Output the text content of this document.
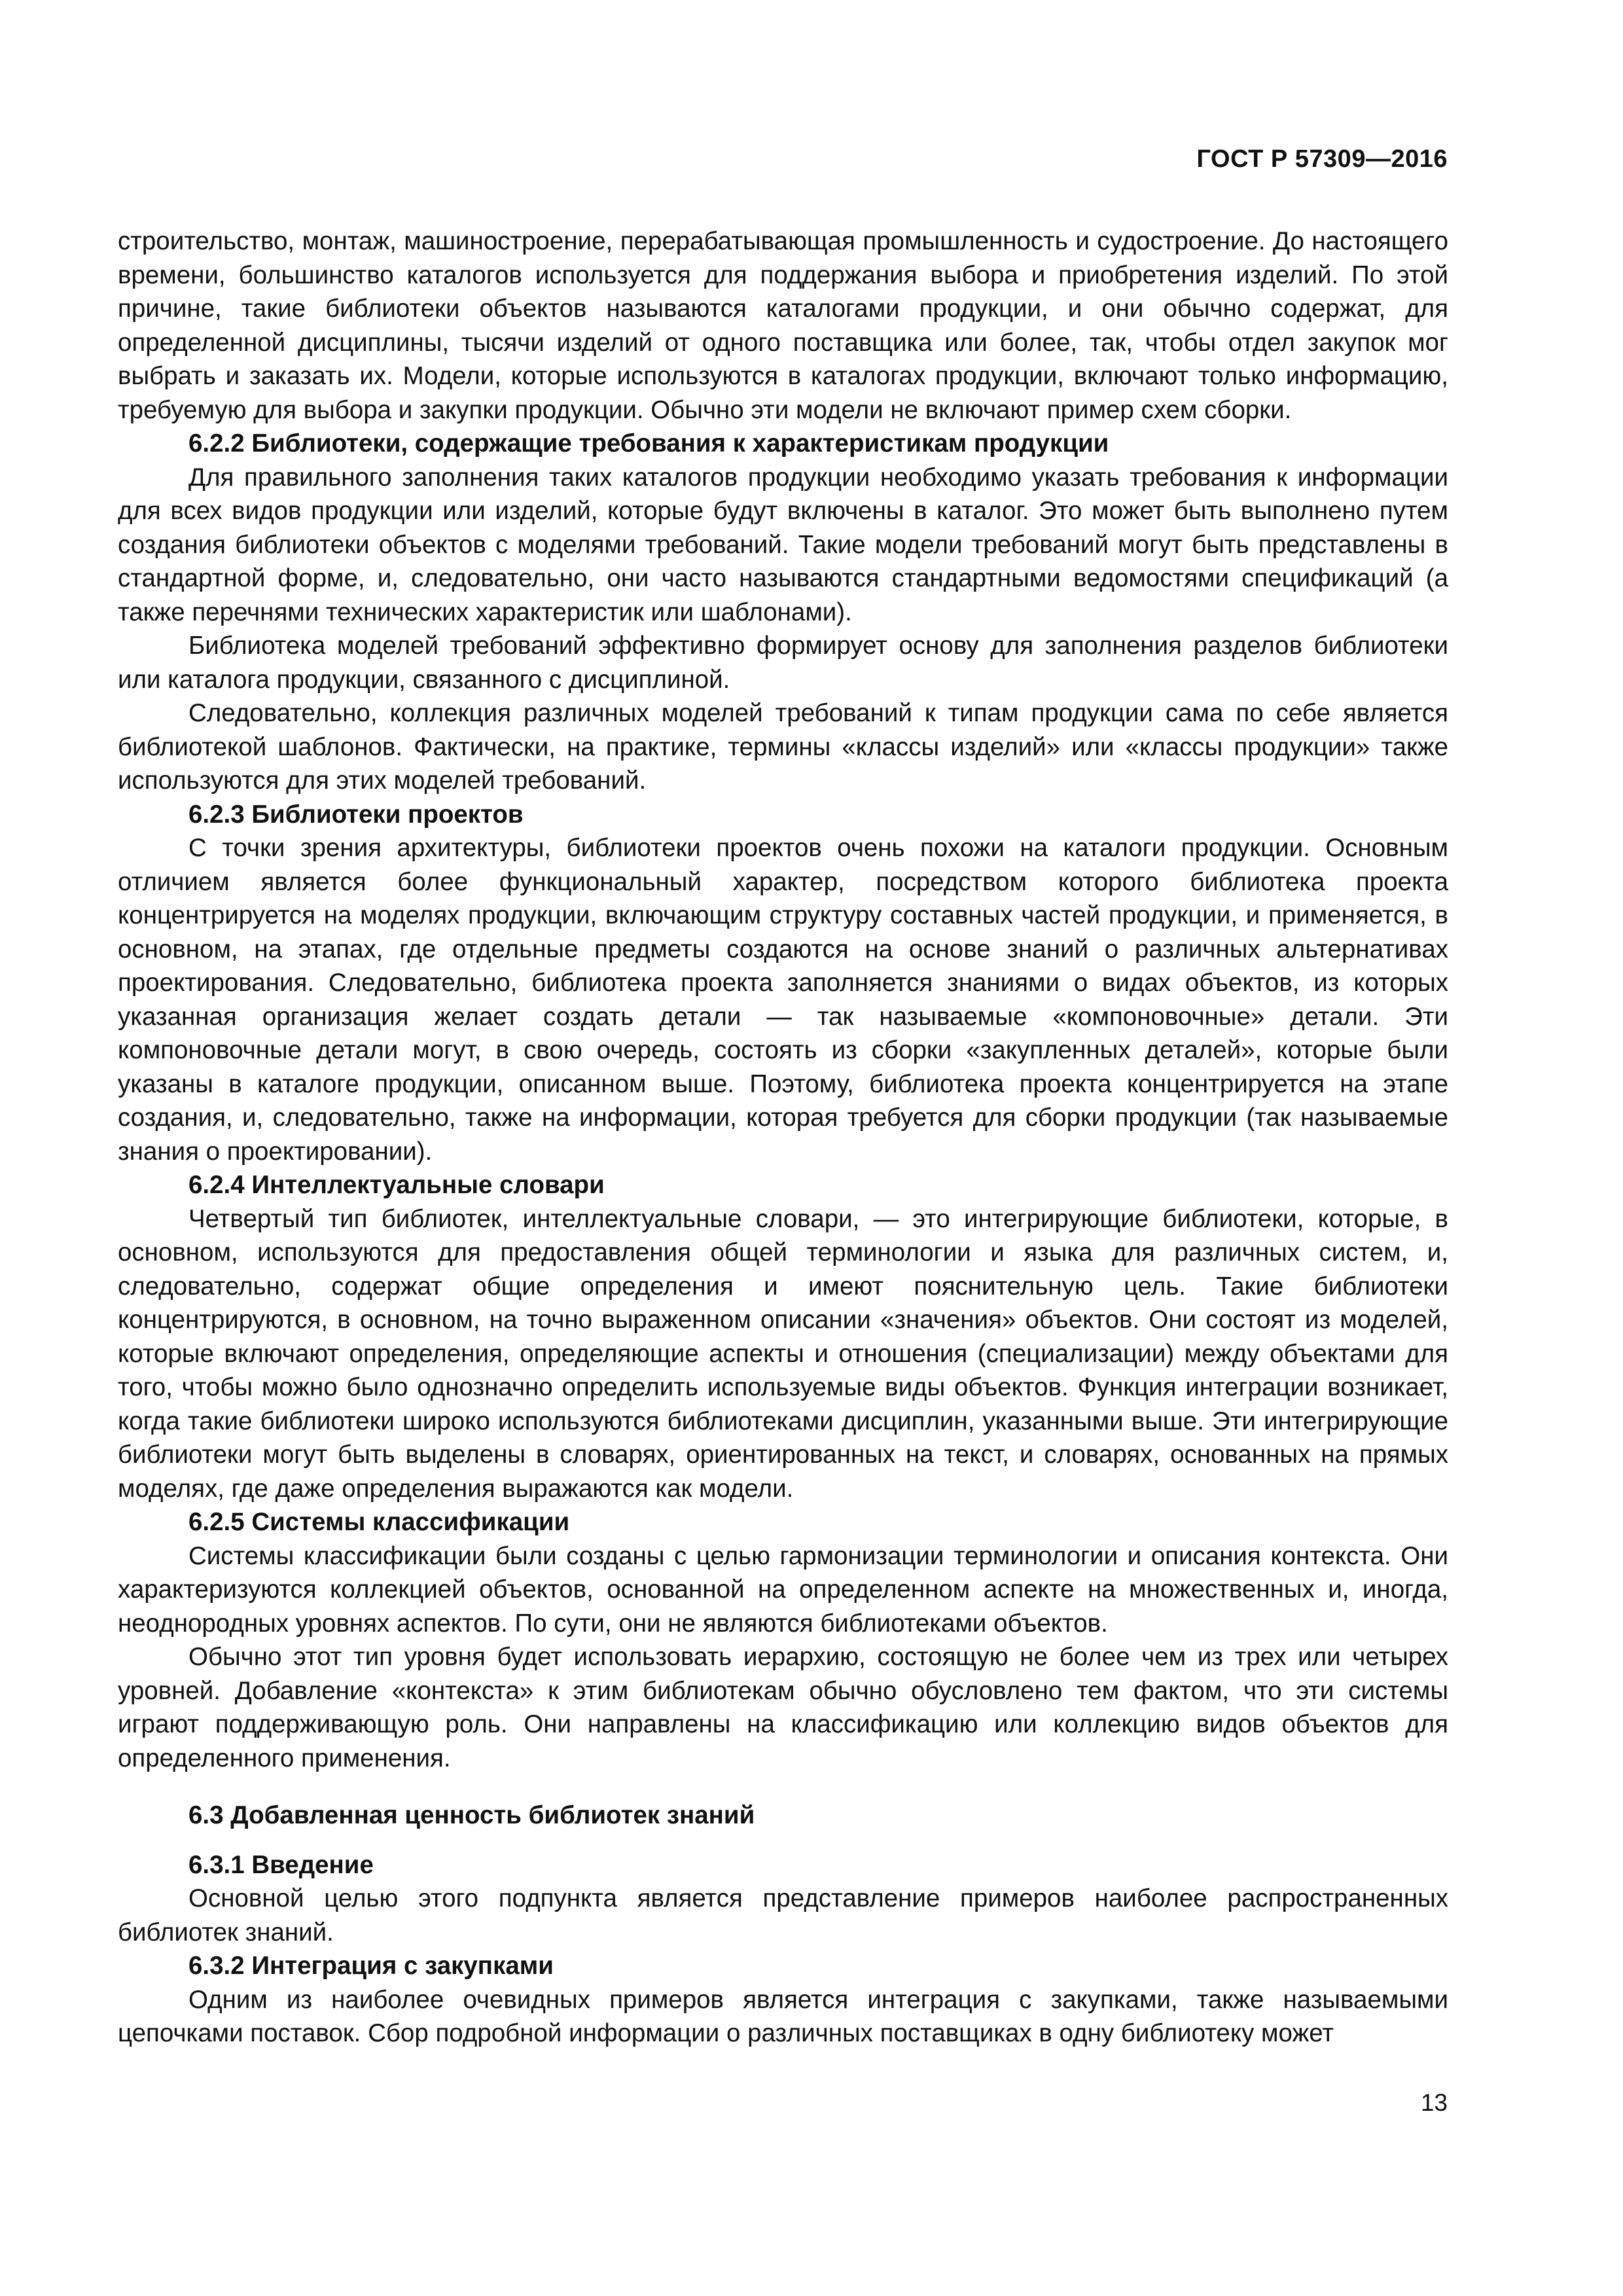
ГОСТ Р 57309—2016

строительство, монтаж, машиностроение, перерабатывающая промышленность и судостроение. До настоящего времени, большинство каталогов используется для поддержания выбора и приобретения изделий. По этой причине, такие библиотеки объектов называются каталогами продукции, и они обычно содержат, для определенной дисциплины, тысячи изделий от одного поставщика или более, так, чтобы отдел закупок мог выбрать и заказать их. Модели, которые используются в каталогах продукции, включают только информацию, требуемую для выбора и закупки продукции. Обычно эти модели не включают пример схем сборки.

6.2.2 Библиотеки, содержащие требования к характеристикам продукции

Для правильного заполнения таких каталогов продукции необходимо указать требования к информации для всех видов продукции или изделий, которые будут включены в каталог. Это может быть выполнено путем создания библиотеки объектов с моделями требований. Такие модели требований могут быть представлены в стандартной форме, и, следовательно, они часто называются стандартными ведомостями спецификаций (а также перечнями технических характеристик или шаблонами).

Библиотека моделей требований эффективно формирует основу для заполнения разделов библиотеки или каталога продукции, связанного с дисциплиной.

Следовательно, коллекция различных моделей требований к типам продукции сама по себе является библиотекой шаблонов. Фактически, на практике, термины «классы изделий» или «классы продукции» также используются для этих моделей требований.

6.2.3 Библиотеки проектов

С точки зрения архитектуры, библиотеки проектов очень похожи на каталоги продукции. Основным отличием является более функциональный характер, посредством которого библиотека проекта концентрируется на моделях продукции, включающим структуру составных частей продукции, и применяется, в основном, на этапах, где отдельные предметы создаются на основе знаний о различных альтернативах проектирования. Следовательно, библиотека проекта заполняется знаниями о видах объектов, из которых указанная организация желает создать детали — так называемые «компоновочные» детали. Эти компоновочные детали могут, в свою очередь, состоять из сборки «закупленных деталей», которые были указаны в каталоге продукции, описанном выше. Поэтому, библиотека проекта концентрируется на этапе создания, и, следовательно, также на информации, которая требуется для сборки продукции (так называемые знания о проектировании).

6.2.4 Интеллектуальные словари

Четвертый тип библиотек, интеллектуальные словари, — это интегрирующие библиотеки, которые, в основном, используются для предоставления общей терминологии и языка для различных систем, и, следовательно, содержат общие определения и имеют пояснительную цель. Такие библиотеки концентрируются, в основном, на точно выраженном описании «значения» объектов. Они состоят из моделей, которые включают определения, определяющие аспекты и отношения (специализации) между объектами для того, чтобы можно было однозначно определить используемые виды объектов. Функция интеграции возникает, когда такие библиотеки широко используются библиотеками дисциплин, указанными выше. Эти интегрирующие библиотеки могут быть выделены в словарях, ориентированных на текст, и словарях, основанных на прямых моделях, где даже определения выражаются как модели.

6.2.5 Системы классификации

Системы классификации были созданы с целью гармонизации терминологии и описания контекста. Они характеризуются коллекцией объектов, основанной на определенном аспекте на множественных и, иногда, неоднородных уровнях аспектов. По сути, они не являются библиотеками объектов.

Обычно этот тип уровня будет использовать иерархию, состоящую не более чем из трех или четырех уровней. Добавление «контекста» к этим библиотекам обычно обусловлено тем фактом, что эти системы играют поддерживающую роль. Они направлены на классификацию или коллекцию видов объектов для определенного применения.

6.3 Добавленная ценность библиотек знаний

6.3.1 Введение

Основной целью этого подпункта является представление примеров наиболее распространенных библиотек знаний.

6.3.2 Интеграция с закупками

Одним из наиболее очевидных примеров является интеграция с закупками, также называемыми цепочками поставок. Сбор подробной информации о различных поставщиках в одну библиотеку может

13
